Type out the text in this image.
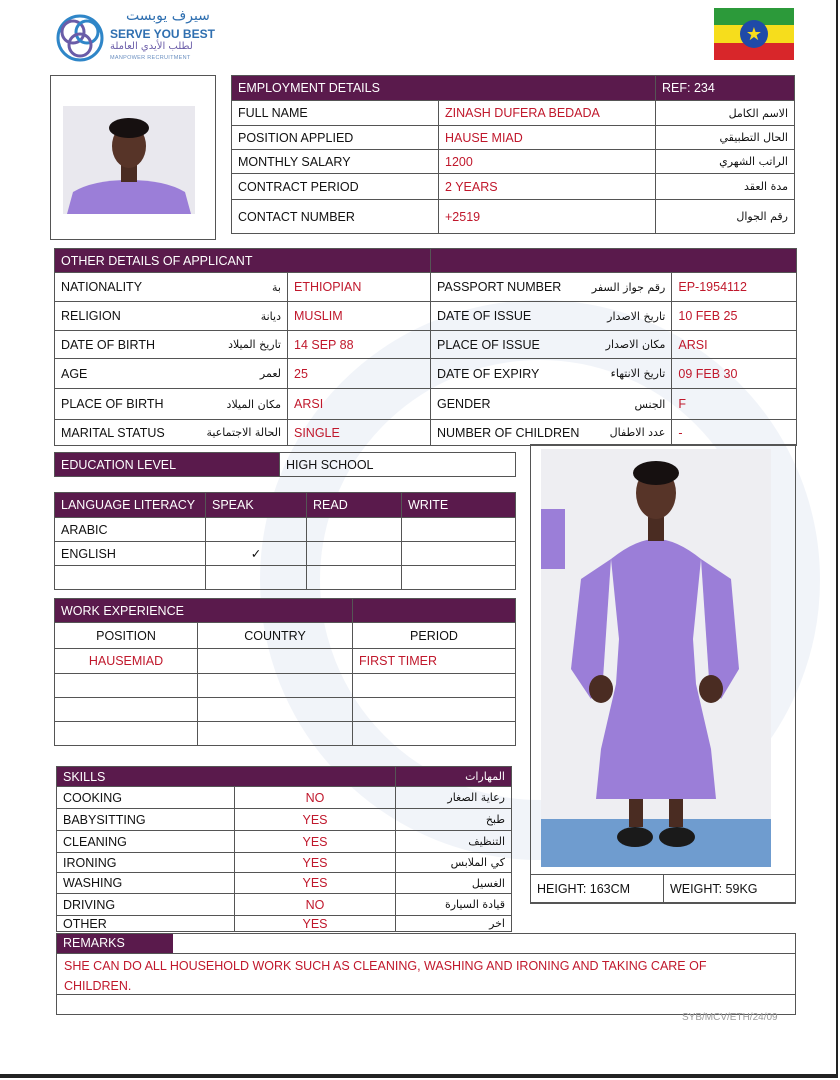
سيرف يوبست
SERVE YOU BEST
لطلب الأيدي العاملة
MANPOWER RECRUITMENT
★
EMPLOYMENT DETAILS		REF: 234
FULL NAME	ZINASH DUFERA BEDADA	الاسم الكامل
POSITION APPLIED	HAUSE MIAD	الحال التطبيقي
MONTHLY SALARY	1200	الراتب الشهري
CONTRACT PERIOD	2 YEARS	مدة العقد
CONTACT NUMBER	+2519	رقم الجوال
OTHER DETAILS OF APPLICANT					
NATIONALITY	بة	ETHIOPIAN	PASSPORT NUMBER	رقم جواز السفر	EP-1954112
RELIGION	ديانة	MUSLIM	DATE OF ISSUE	تاريخ الاصدار	10 FEB 25
DATE OF BIRTH	تاريخ الميلاد	14 SEP 88	PLACE OF ISSUE	مكان الاصدار	ARSI
AGE	لعمر	25	DATE OF EXPIRY	تاريخ الانتهاء	09 FEB 30
PLACE OF BIRTH	مكان الميلاد	ARSI	GENDER	الجنس	F
MARITAL STATUS	الحالة الاجتماعية	SINGLE	NUMBER OF CHILDREN	عدد الاطفال	-
EDUCATION LEVEL	HIGH SCHOOL
LANGUAGE LITERACY	SPEAK	READ	WRITE
ARABIC			
ENGLISH	✓		

WORK EXPERIENCE		
POSITION	COUNTRY	PERIOD
HAUSEMIAD		FIRST TIMER

HEIGHT: 163CM	WEIGHT: 59KG
SKILLS		المهارات
COOKING	NO	رعاية الصغار
BABYSITTING	YES	طبخ
CLEANING	YES	التنظيف
IRONING	YES	كي الملابس
WASHING	YES	الغسيل
DRIVING	NO	قيادة السيارة
OTHER	YES	اخر
REMARKS
SHE CAN DO ALL HOUSEHOLD WORK SUCH AS CLEANING, WASHING AND IRONING AND TAKING CARE OF CHILDREN.
SYB/MCV/ETH/24/09
